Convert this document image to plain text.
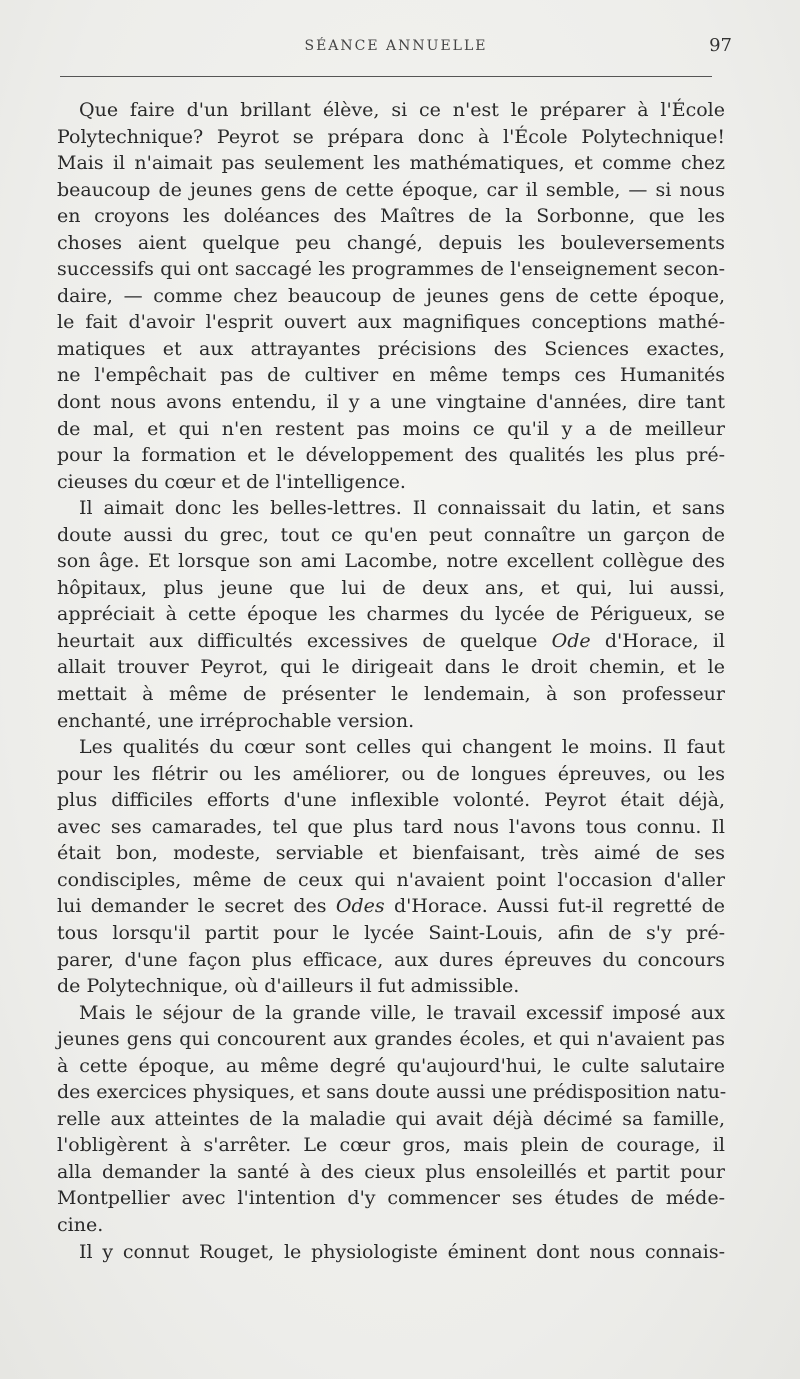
SÉANCE ANNUELLE	97
Que faire d'un brillant élève, si ce n'est le préparer à l'École
Polytechnique? Peyrot se prépara donc à l'École Polytechnique!
Mais il n'aimait pas seulement les mathématiques, et comme chez
beaucoup de jeunes gens de cette époque, car il semble, — si nous
en croyons les doléances des Maîtres de la Sorbonne, que les
choses aient quelque peu changé, depuis les bouleversements
successifs qui ont saccagé les programmes de l'enseignement secon-
daire, — comme chez beaucoup de jeunes gens de cette époque,
le fait d'avoir l'esprit ouvert aux magnifiques conceptions mathé-
matiques et aux attrayantes précisions des Sciences exactes,
ne l'empêchait pas de cultiver en même temps ces Humanités
dont nous avons entendu, il y a une vingtaine d'années, dire tant
de mal, et qui n'en restent pas moins ce qu'il y a de meilleur
pour la formation et le développement des qualités les plus pré-
cieuses du cœur et de l'intelligence.
Il aimait donc les belles-lettres. Il connaissait du latin, et sans
doute aussi du grec, tout ce qu'en peut connaître un garçon de
son âge. Et lorsque son ami Lacombe, notre excellent collègue des
hôpitaux, plus jeune que lui de deux ans, et qui, lui aussi,
appréciait à cette époque les charmes du lycée de Périgueux, se
heurtait aux difficultés excessives de quelque Ode d'Horace, il
allait trouver Peyrot, qui le dirigeait dans le droit chemin, et le
mettait à même de présenter le lendemain, à son professeur
enchanté, une irréprochable version.
Les qualités du cœur sont celles qui changent le moins. Il faut
pour les flétrir ou les améliorer, ou de longues épreuves, ou les
plus difficiles efforts d'une inflexible volonté. Peyrot était déjà,
avec ses camarades, tel que plus tard nous l'avons tous connu. Il
était bon, modeste, serviable et bienfaisant, très aimé de ses
condisciples, même de ceux qui n'avaient point l'occasion d'aller
lui demander le secret des Odes d'Horace. Aussi fut-il regretté de
tous lorsqu'il partit pour le lycée Saint-Louis, afin de s'y pré-
parer, d'une façon plus efficace, aux dures épreuves du concours
de Polytechnique, où d'ailleurs il fut admissible.
Mais le séjour de la grande ville, le travail excessif imposé aux
jeunes gens qui concourent aux grandes écoles, et qui n'avaient pas
à cette époque, au même degré qu'aujourd'hui, le culte salutaire
des exercices physiques, et sans doute aussi une prédisposition natu-
relle aux atteintes de la maladie qui avait déjà décimé sa famille,
l'obligèrent à s'arrêter. Le cœur gros, mais plein de courage, il
alla demander la santé à des cieux plus ensoleillés et partit pour
Montpellier avec l'intention d'y commencer ses études de méde-
cine.
Il y connut Rouget, le physiologiste éminent dont nous connais-
